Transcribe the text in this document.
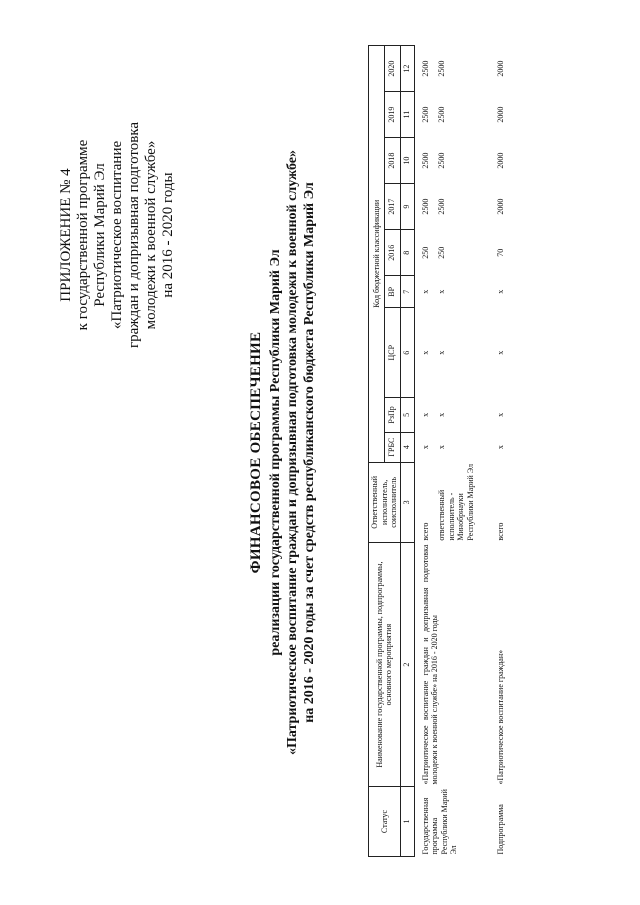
ПРИЛОЖЕНИЕ № 4 к государственной программе Республики Марий Эл «Патриотическое воспитание граждан и допризывная подготовка молодежи к военной службе» на 2016 - 2020 годы
ФИНАНСОВОЕ ОБЕСПЕЧЕНИЕ реализации государственной программы Республики Марий Эл «Патриотическое воспитание граждан и допризывная подготовка молодежи к военной службе» на 2016 - 2020 годы за счет средств республиканского бюджета Республики Марий Эл
Статус	Наименование государственной программы, подпрограммы, основного мероприятия	Ответственный исполнитель, соисполнитель	Код бюджетной классификации								
			ГРБС	РзПр	ЦСР	ВР	2016	2017	2018	2019	2020
1	2	3	4	5	6	7	8	9	10	11	12
Государственная программа Республики Марий Эл	«Патриотическое воспитание граждан и допризывная подготовка молодежи к военной службе» на 2016 - 2020 годы	всего	х	х	х	х	250	2500	2500	2500	2500
		ответственный исполнитель - Минобрнауки Республики Марий Эл	х	х	х	х	250	2500	2500	2500	2500
Подпрограмма	«Патриотическое воспитание граждан»	всего	х	х	х	х	70	2000	2000	2000	2000
